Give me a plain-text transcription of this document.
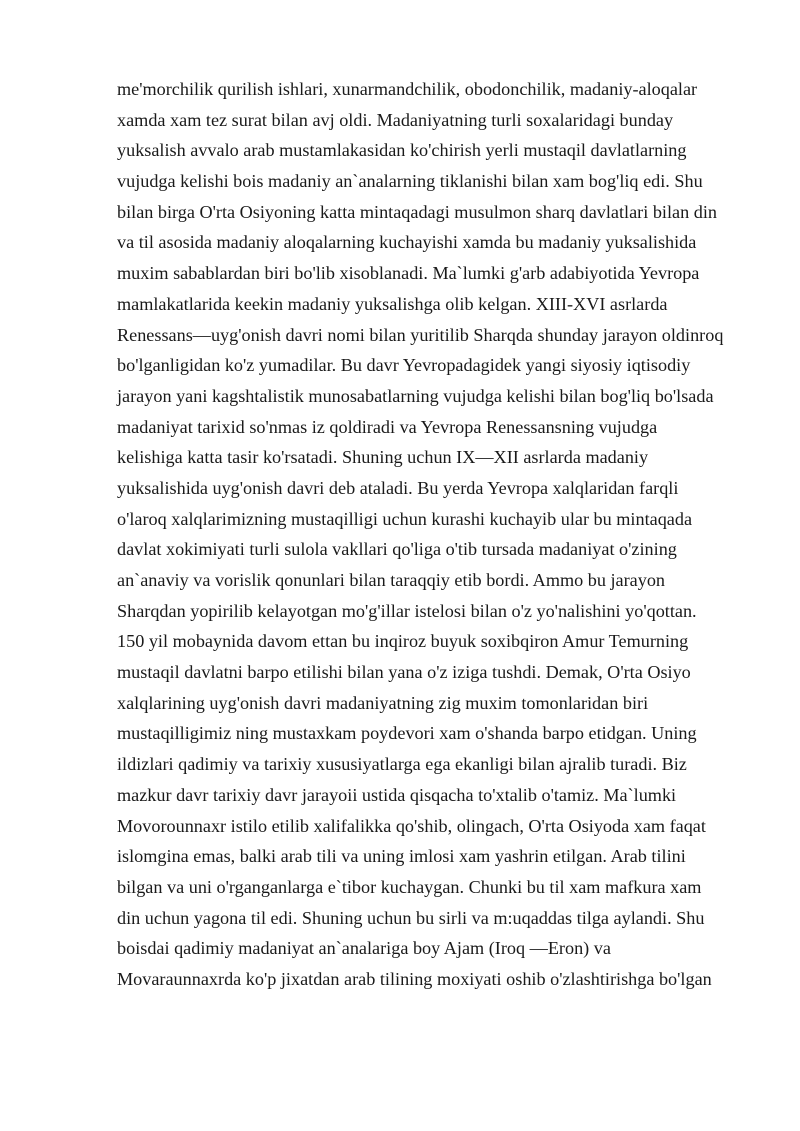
me'morchilik qurilish ishlari, xunarmandchilik, obodonchilik, madaniy-aloqalar
xamda xam tez surat bilan avj oldi. Madaniyatning turli soxalaridagi bunday
yuksalish avvalo arab mustamlakasidan ko'chirish yerli mustaqil davlatlarning
vujudga kelishi bois madaniy an`analarning tiklanishi bilan xam bog'liq edi. Shu
bilan birga O'rta Osiyoning katta mintaqadagi musulmon sharq davlatlari bilan din
va til asosida madaniy aloqalarning kuchayishi xamda bu madaniy yuksalishida
muxim sabablardan biri bo'lib xisoblanadi. Ma`lumki g'arb adabiyotida Yevropa
mamlakatlarida keekin madaniy yuksalishga olib kelgan. XIII-XVI asrlarda
Renessans—uyg'onish davri nomi bilan yuritilib Sharqda shunday jarayon oldinroq
bo'lganligidan ko'z yumadilar. Bu davr Yevropadagidek yangi siyosiy iqtisodiy
jarayon yani kagshtalistik munosabatlarning vujudga kelishi bilan bog'liq bo'lsada
madaniyat tarixid so'nmas iz qoldiradi va Yevropa Renessansning vujudga
kelishiga katta tasir ko'rsatadi. Shuning uchun IX—XII asrlarda madaniy
yuksalishida uyg'onish davri deb ataladi. Bu yerda Yevropa xalqlaridan farqli
o'laroq xalqlarimizning mustaqilligi uchun kurashi kuchayib ular bu mintaqada
davlat xokimiyati turli sulola vakllari qo'liga o'tib tursada madaniyat o'zining
an`anaviy va vorislik qonunlari bilan taraqqiy etib bordi. Ammo bu jarayon
Sharqdan yopirilib kelayotgan mo'g'illar istelosi bilan o'z yo'nalishini yo'qottan.
150 yil mobaynida davom ettan bu inqiroz buyuk soxibqiron Amur Temurning
mustaqil davlatni barpo etilishi bilan yana o'z iziga tushdi. Demak, O'rta Osiyo
xalqlarining uyg'onish davri madaniyatning zig muxim tomonlaridan biri
mustaqilligimiz ning mustaxkam poydevori xam o'shanda barpo etidgan. Uning
ildizlari qadimiy va tarixiy xususiyatlarga ega ekanligi bilan ajralib turadi. Biz
mazkur davr tarixiy davr jarayoii ustida qisqacha to'xtalib o'tamiz. Ma`lumki
Movorounnaxr istilo etilib xalifalikka qo'shib, olingach, O'rta Osiyoda xam faqat
islomgina emas, balki arab tili va uning imlosi xam yashrin etilgan. Arab tilini
bilgan va uni o'rganganlarga e`tibor kuchaygan. Chunki bu til xam mafkura xam
din uchun yagona til edi. Shuning uchun bu sirli va m:uqaddas tilga aylandi. Shu
boisdai qadimiy madaniyat an`analariga boy Ajam (Iroq —Eron) va
Movaraunnaxrda ko'p jixatdan arab tilining moxiyati oshib o'zlashtirishga bo'lgan
